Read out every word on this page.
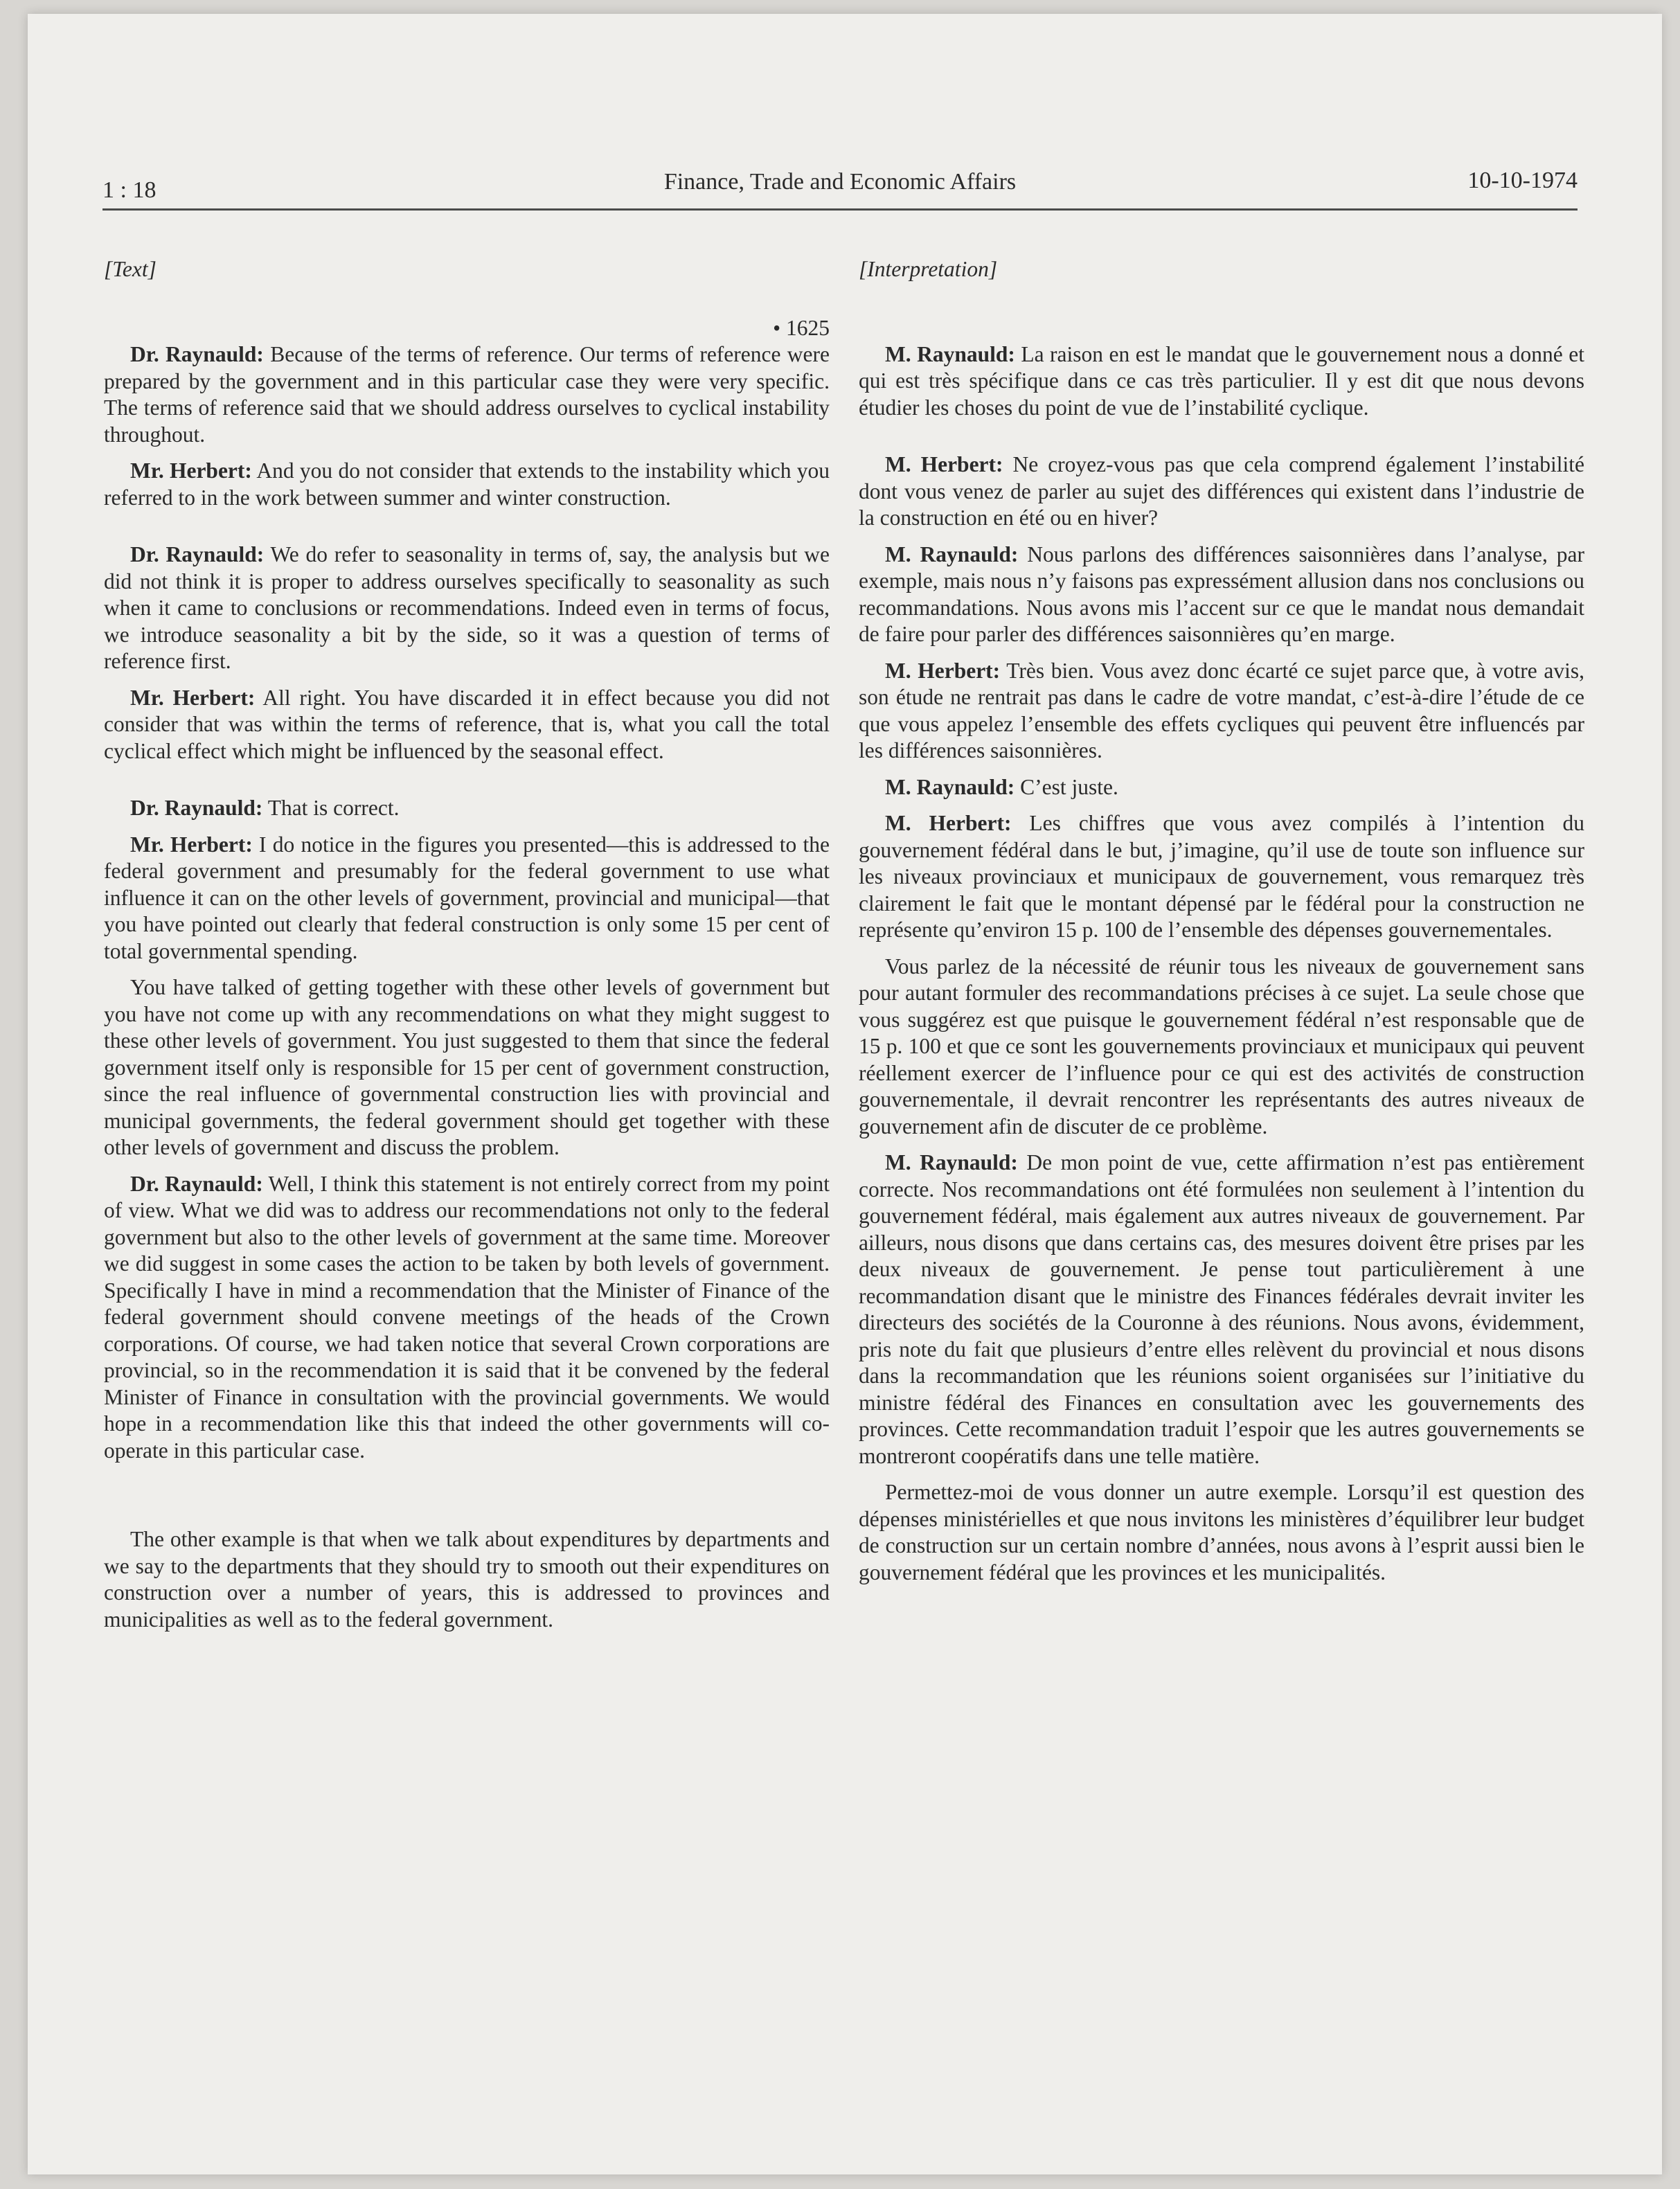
1 : 18	Finance, Trade and Economic Affairs	10-10-1974
[Text]
• 1625

Dr. Raynauld: Because of the terms of reference. Our terms of reference were prepared by the government and in this particular case they were very specific. The terms of reference said that we should address ourselves to cyclical instability throughout.

Mr. Herbert: And you do not consider that extends to the instability which you referred to in the work between summer and winter construction.

Dr. Raynauld: We do refer to seasonality in terms of, say, the analysis but we did not think it is proper to address ourselves specifically to seasonality as such when it came to conclusions or recommendations. Indeed even in terms of focus, we introduce seasonality a bit by the side, so it was a question of terms of reference first.

Mr. Herbert: All right. You have discarded it in effect because you did not consider that was within the terms of reference, that is, what you call the total cyclical effect which might be influenced by the seasonal effect.

Dr. Raynauld: That is correct.

Mr. Herbert: I do notice in the figures you presented—this is addressed to the federal government and presumably for the federal government to use what influence it can on the other levels of government, provincial and municipal—that you have pointed out clearly that federal construction is only some 15 per cent of total governmental spending.

You have talked of getting together with these other levels of government but you have not come up with any recommendations on what they might suggest to these other levels of government. You just suggested to them that since the federal government itself only is responsible for 15 per cent of government construction, since the real influence of governmental construction lies with provincial and municipal governments, the federal government should get together with these other levels of government and discuss the problem.

Dr. Raynauld: Well, I think this statement is not entirely correct from my point of view. What we did was to address our recommendations not only to the federal government but also to the other levels of government at the same time. Moreover we did suggest in some cases the action to be taken by both levels of government. Specifically I have in mind a recommendation that the Minister of Finance of the federal government should convene meetings of the heads of the Crown corporations. Of course, we had taken notice that several Crown corporations are provincial, so in the recommendation it is said that it be convened by the federal Minister of Finance in consultation with the provincial governments. We would hope in a recommendation like this that indeed the other governments will co-operate in this particular case.

The other example is that when we talk about expenditures by departments and we say to the departments that they should try to smooth out their expenditures on construction over a number of years, this is addressed to provinces and municipalities as well as to the federal government.

[Interpretation]

M. Raynauld: La raison en est le mandat que le gouvernement nous a donné et qui est très spécifique dans ce cas très particulier. Il y est dit que nous devons étudier les choses du point de vue de l’instabilité cyclique.

M. Herbert: Ne croyez-vous pas que cela comprend également l’instabilité dont vous venez de parler au sujet des différences qui existent dans l’industrie de la construction en été ou en hiver?

M. Raynauld: Nous parlons des différences saisonnières dans l’analyse, par exemple, mais nous n’y faisons pas expressément allusion dans nos conclusions ou recommandations. Nous avons mis l’accent sur ce que le mandat nous demandait de faire pour parler des différences saisonnières qu’en marge.

M. Herbert: Très bien. Vous avez donc écarté ce sujet parce que, à votre avis, son étude ne rentrait pas dans le cadre de votre mandat, c’est-à-dire l’étude de ce que vous appelez l’ensemble des effets cycliques qui peuvent être influencés par les différences saisonnières.

M. Raynauld: C’est juste.

M. Herbert: Les chiffres que vous avez compilés à l’intention du gouvernement fédéral dans le but, j’imagine, qu’il use de toute son influence sur les niveaux provinciaux et municipaux de gouvernement, vous remarquez très clairement le fait que le montant dépensé par le fédéral pour la construction ne représente qu’environ 15 p. 100 de l’ensemble des dépenses gouvernementales.

Vous parlez de la nécessité de réunir tous les niveaux de gouvernement sans pour autant formuler des recommandations précises à ce sujet. La seule chose que vous suggérez est que puisque le gouvernement fédéral n’est responsable que de 15 p. 100 et que ce sont les gouvernements provinciaux et municipaux qui peuvent réellement exercer de l’influence pour ce qui est des activités de construction gouvernementale, il devrait rencontrer les représentants des autres niveaux de gouvernement afin de discuter de ce problème.

M. Raynauld: De mon point de vue, cette affirmation n’est pas entièrement correcte. Nos recommandations ont été formulées non seulement à l’intention du gouvernement fédéral, mais également aux autres niveaux de gouvernement. Par ailleurs, nous disons que dans certains cas, des mesures doivent être prises par les deux niveaux de gouvernement. Je pense tout particulièrement à une recommandation disant que le ministre des Finances fédérales devrait inviter les directeurs des sociétés de la Couronne à des réunions. Nous avons, évidemment, pris note du fait que plusieurs d’entre elles relèvent du provincial et nous disons dans la recommandation que les réunions soient organisées sur l’initiative du ministre fédéral des Finances en consultation avec les gouvernements des provinces. Cette recommandation traduit l’espoir que les autres gouvernements se montreront coopératifs dans une telle matière.

Permettez-moi de vous donner un autre exemple. Lorsqu’il est question des dépenses ministérielles et que nous invitons les ministères d’équilibrer leur budget de construction sur un certain nombre d’années, nous avons à l’esprit aussi bien le gouvernement fédéral que les provinces et les municipalités.
